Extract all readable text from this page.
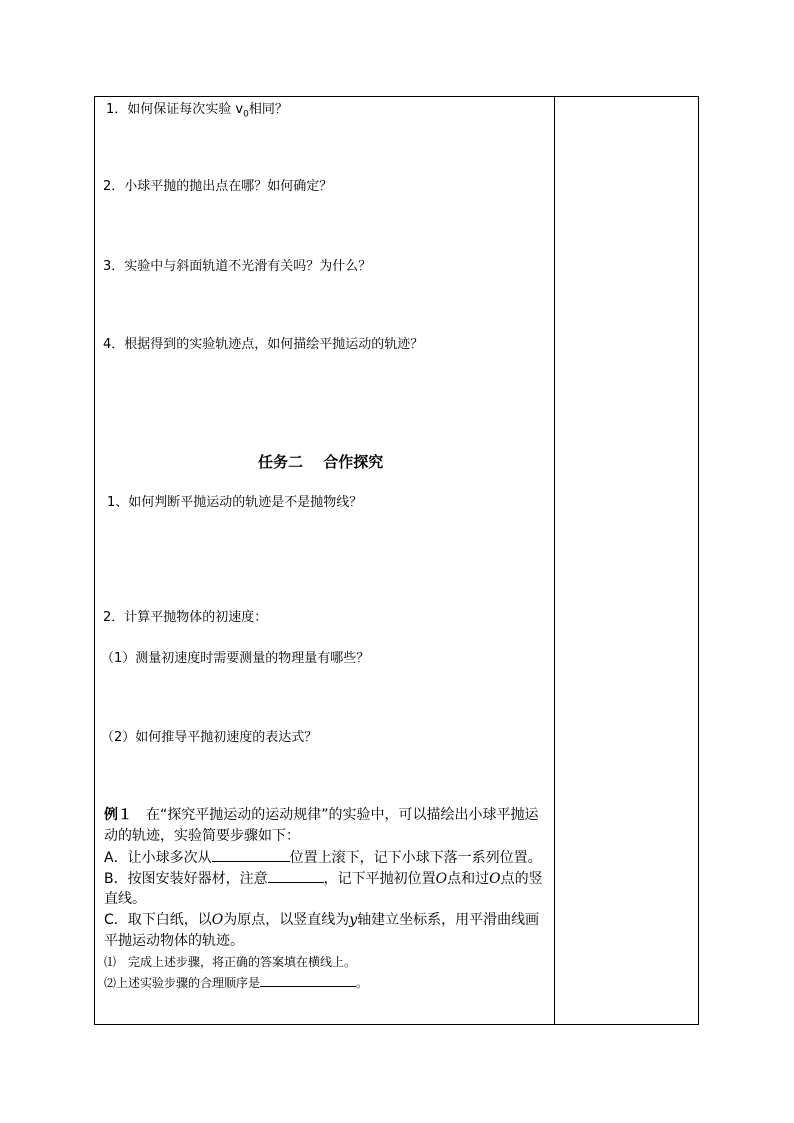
1．如何保证每次实验 $v_0$相同？
2．小球平抛的抛出点在哪？如何确定？
3．实验中与斜面轨道不光滑有关吗？为什么？
4．根据得到的实验轨迹点，如何描绘平抛运动的轨迹？
任务二　 合作探究
1、如何判断平抛运动的轨迹是不是抛物线？
2．计算平抛物体的初速度：
（1）测量初速度时需要测量的物理量有哪些？
（2）如何推导平抛初速度的表达式？
例１　在“探究平抛运动的运动规律”的实验中，可以描绘出小球平抛运
动的轨迹，实验简要步骤如下：
A．让小球多次从	位置上滚下，记下小球下落一系列位置。
B．按图安装好器材，注意	，记下平抛初位置O点和过O点的竖
直线。
C．取下白纸，以O为原点，以竖直线为y轴建立坐标系，用平滑曲线画
平抛运动物体的轨迹。
⑴　完成上述步骤，将正确的答案填在横线上。
⑵上述实验步骤的合理顺序是	。
